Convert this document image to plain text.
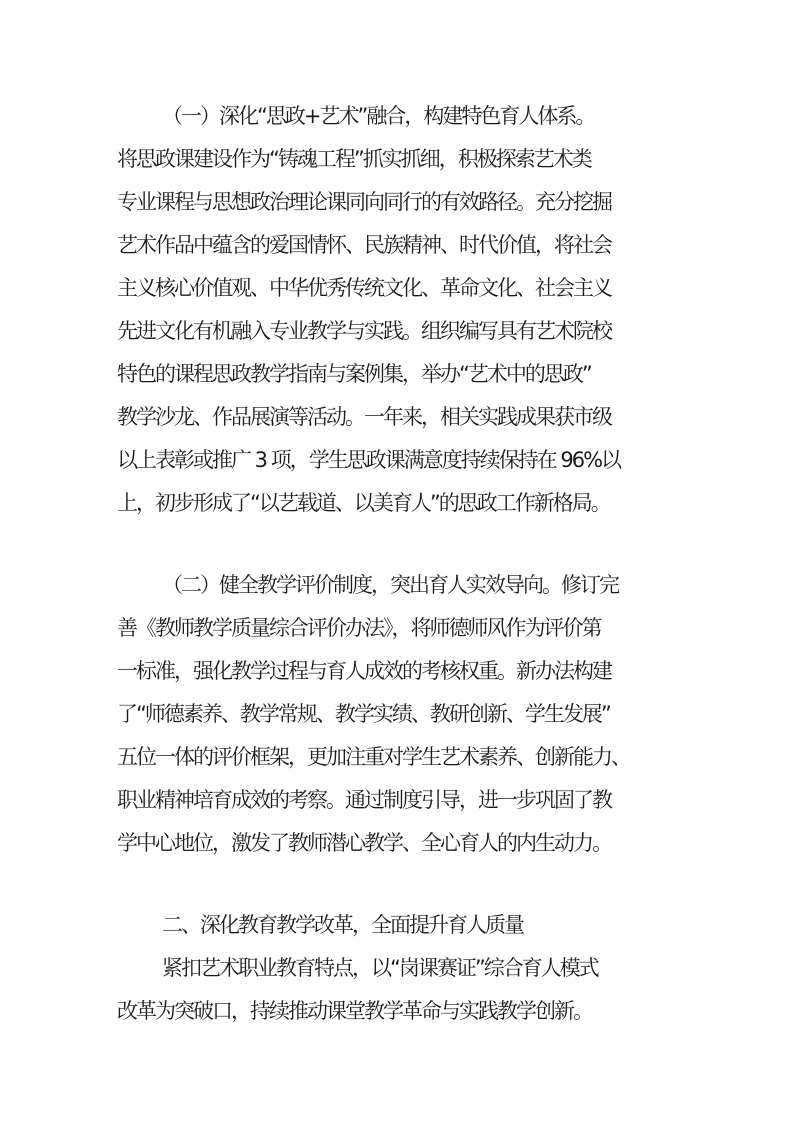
（一）深化“思政+艺术”融合，构建特色育人体系。
将思政课建设作为“铸魂工程”抓实抓细，积极探索艺术类
专业课程与思想政治理论课同向同行的有效路径。充分挖掘
艺术作品中蕴含的爱国情怀、民族精神、时代价值，将社会
主义核心价值观、中华优秀传统文化、革命文化、社会主义
先进文化有机融入专业教学与实践。组织编写具有艺术院校
特色的课程思政教学指南与案例集，举办“艺术中的思政”
教学沙龙、作品展演等活动。一年来，相关实践成果获市级
以上表彰或推广 3 项，学生思政课满意度持续保持在 96%以
上，初步形成了“以艺载道、以美育人”的思政工作新格局。
（二）健全教学评价制度，突出育人实效导向。修订完
善《教师教学质量综合评价办法》，将师德师风作为评价第
一标准，强化教学过程与育人成效的考核权重。新办法构建
了“师德素养、教学常规、教学实绩、教研创新、学生发展”
五位一体的评价框架，更加注重对学生艺术素养、创新能力、
职业精神培育成效的考察。通过制度引导，进一步巩固了教
学中心地位，激发了教师潜心教学、全心育人的内生动力。
二、深化教育教学改革，全面提升育人质量
紧扣艺术职业教育特点，以“岗课赛证”综合育人模式
改革为突破口，持续推动课堂教学革命与实践教学创新。
